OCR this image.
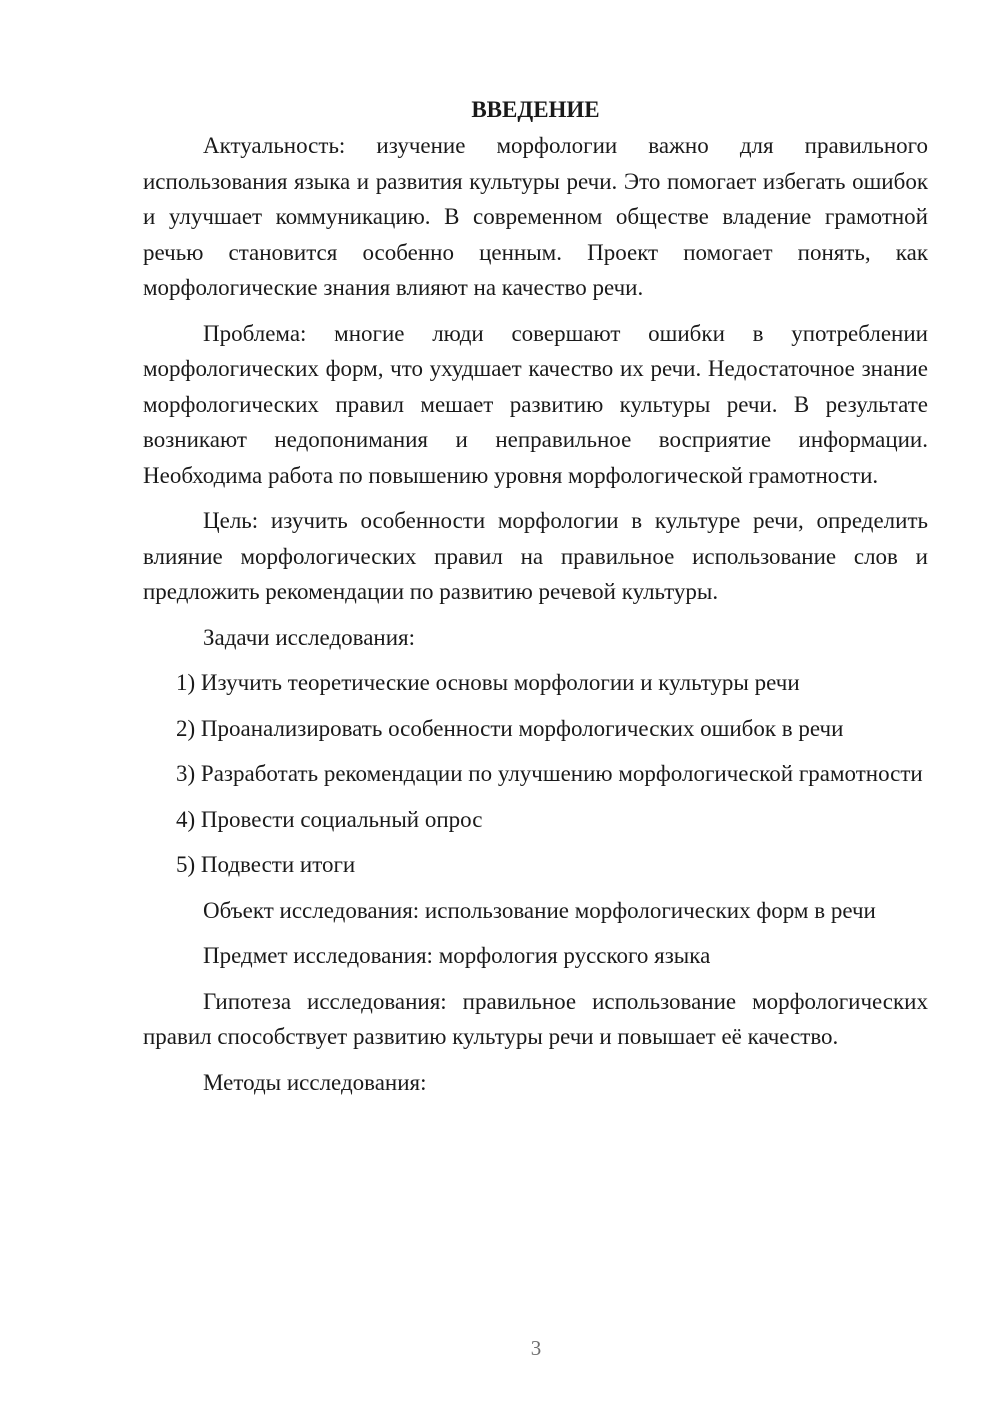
ВВЕДЕНИЕ

Актуальность: изучение морфологии важно для правильного использования языка и развития культуры речи. Это помогает избегать ошибок и улучшает коммуникацию. В современном обществе владение грамотной речью становится особенно ценным. Проект помогает понять, как морфологические знания влияют на качество речи.

Проблема: многие люди совершают ошибки в употреблении морфологических форм, что ухудшает качество их речи. Недостаточное знание морфологических правил мешает развитию культуры речи. В результате возникают недопонимания и неправильное восприятие информации. Необходима работа по повышению уровня морфологической грамотности.

Цель: изучить особенности морфологии в культуре речи, определить влияние морфологических правил на правильное использование слов и предложить рекомендации по развитию речевой культуры.

Задачи исследования:

1) Изучить теоретические основы морфологии и культуры речи

2) Проанализировать особенности морфологических ошибок в речи

3) Разработать рекомендации по улучшению морфологической грамотности

4) Провести социальный опрос

5) Подвести итоги

Объект исследования: использование морфологических форм в речи

Предмет исследования: морфология русского языка

Гипотеза исследования: правильное использование морфологических правил способствует развитию культуры речи и повышает её качество.

Методы исследования:

3
